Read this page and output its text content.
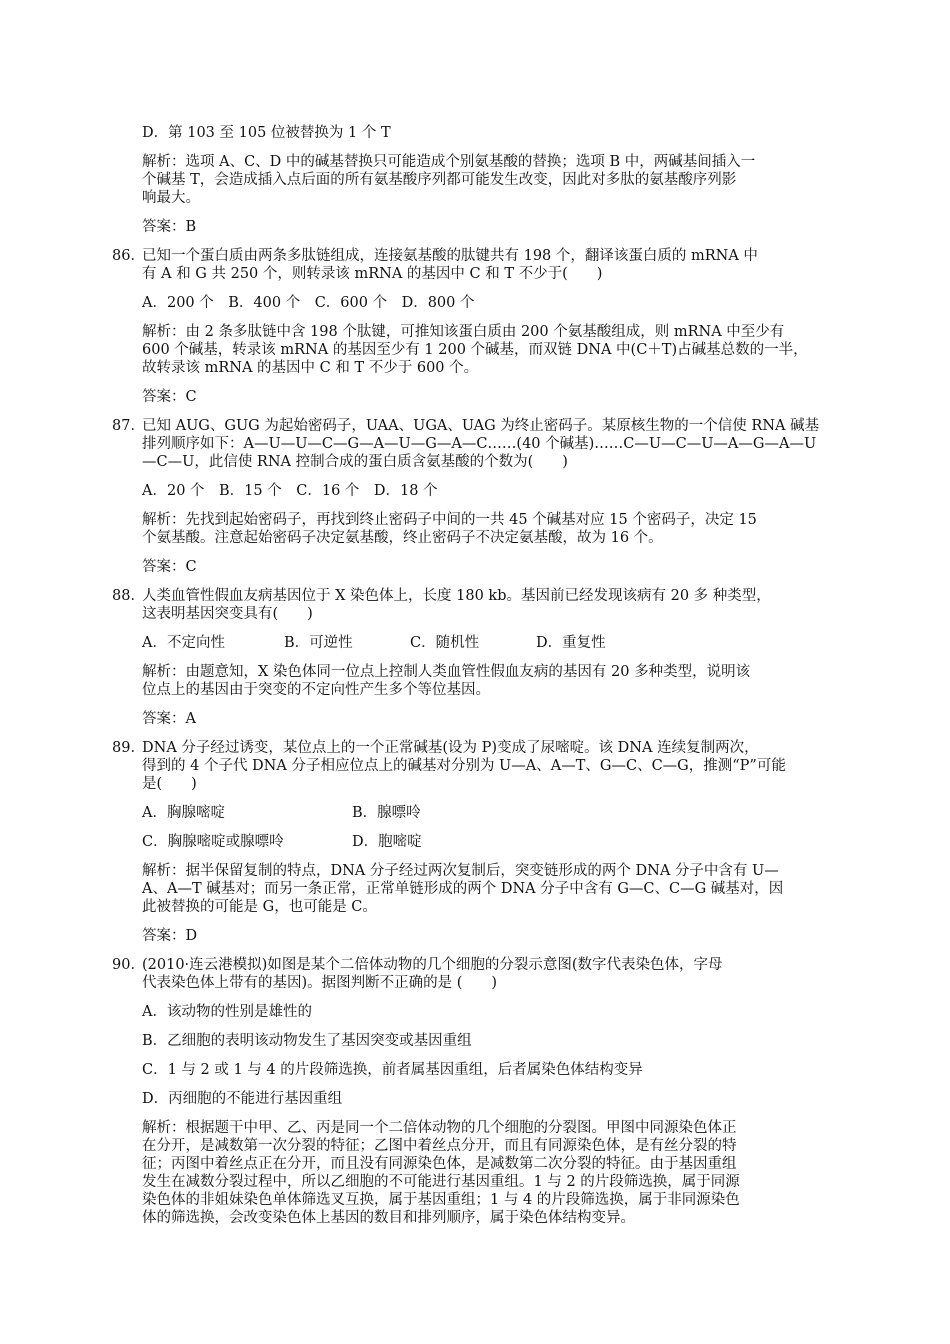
D．第 103 至 105 位被替换为 1 个 T
解析：选项 A、C、D 中的碱基替换只可能造成个别氨基酸的替换；选项 B 中，两碱基间插入一
个碱基 T，会造成插入点后面的所有氨基酸序列都可能发生改变，因此对多肽的氨基酸序列影
响最大。
答案：B
86．
已知一个蛋白质由两条多肽链组成，连接氨基酸的肽键共有 198 个，翻译该蛋白质的 mRNA 中
有 A 和 G 共 250 个，则转录该 mRNA 的基因中 C 和 T 不少于(　　)
A．200 个　B．400 个　C．600 个　D．800 个
解析：由 2 条多肽链中含 198 个肽键，可推知该蛋白质由 200 个氨基酸组成，则 mRNA 中至少有
600 个碱基，转录该 mRNA 的基因至少有 1 200 个碱基，而双链 DNA 中(C＋T)占碱基总数的一半，
故转录该 mRNA 的基因中 C 和 T 不少于 600 个。
答案：C
87．
已知 AUG、GUG 为起始密码子，UAA、UGA、UAG 为终止密码子。某原核生物的一个信使 RNA 碱基
排列顺序如下：A—U—U—C—G—A—U—G—A—C……(40 个碱基)……C—U—C—U—A—G—A—U
—C—U，此信使 RNA 控制合成的蛋白质含氨基酸的个数为(　　)
A．20 个　B．15 个　C．16 个　D．18 个
解析：先找到起始密码子，再找到终止密码子中间的一共 45 个碱基对应 15 个密码子，决定 15
个氨基酸。注意起始密码子决定氨基酸，终止密码子不决定氨基酸，故为 16 个。
答案：C
88．
人类血管性假血友病基因位于 X 染色体上，长度 180 kb。基因前已经发现该病有 20 多 种类型，
这表明基因突变具有(　　)
A．不定向性	B．可逆性	C．随机性	D．重复性
解析：由题意知，X 染色体同一位点上控制人类血管性假血友病的基因有 20 多种类型，说明该
位点上的基因由于突变的不定向性产生多个等位基因。
答案：A
89．
DNA 分子经过诱变，某位点上的一个正常碱基(设为 P)变成了尿嘧啶。该 DNA 连续复制两次，
得到的 4 个子代 DNA 分子相应位点上的碱基对分别为 U—A、A—T、G—C、C—G，推测“P”可能
是(　　)
A．胸腺嘧啶	B．腺嘌呤
C．胸腺嘧啶或腺嘌呤	D．胞嘧啶
解析：据半保留复制的特点，DNA 分子经过两次复制后，突变链形成的两个 DNA 分子中含有 U—
A、A—T 碱基对；而另一条正常，正常单链形成的两个 DNA 分子中含有 G—C、C—G 碱基对，因
此被替换的可能是 G，也可能是 C。
答案：D
90．
(2010·连云港模拟)如图是某个二倍体动物的几个细胞的分裂示意图(数字代表染色体，字母
代表染色体上带有的基因)。据图判断不正确的是 (　　)
A．该动物的性别是雄性的
B．乙细胞的表明该动物发生了基因突变或基因重组
C．1 与 2 或 1 与 4 的片段筛选换，前者属基因重组，后者属染色体结构变异
D．丙细胞的不能进行基因重组
解析：根据题干中甲、乙、丙是同一个二倍体动物的几个细胞的分裂图。甲图中同源染色体正
在分开，是减数第一次分裂的特征；乙图中着丝点分开，而且有同源染色体，是有丝分裂的特
征；丙图中着丝点正在分开，而且没有同源染色体，是减数第二次分裂的特征。由于基因重组
发生在减数分裂过程中，所以乙细胞的不可能进行基因重组。1 与 2 的片段筛选换，属于同源
染色体的非姐妹染色单体筛选叉互换，属于基因重组；1 与 4 的片段筛选换，属于非同源染色
体的筛选换，会改变染色体上基因的数目和排列顺序，属于染色体结构变异。
